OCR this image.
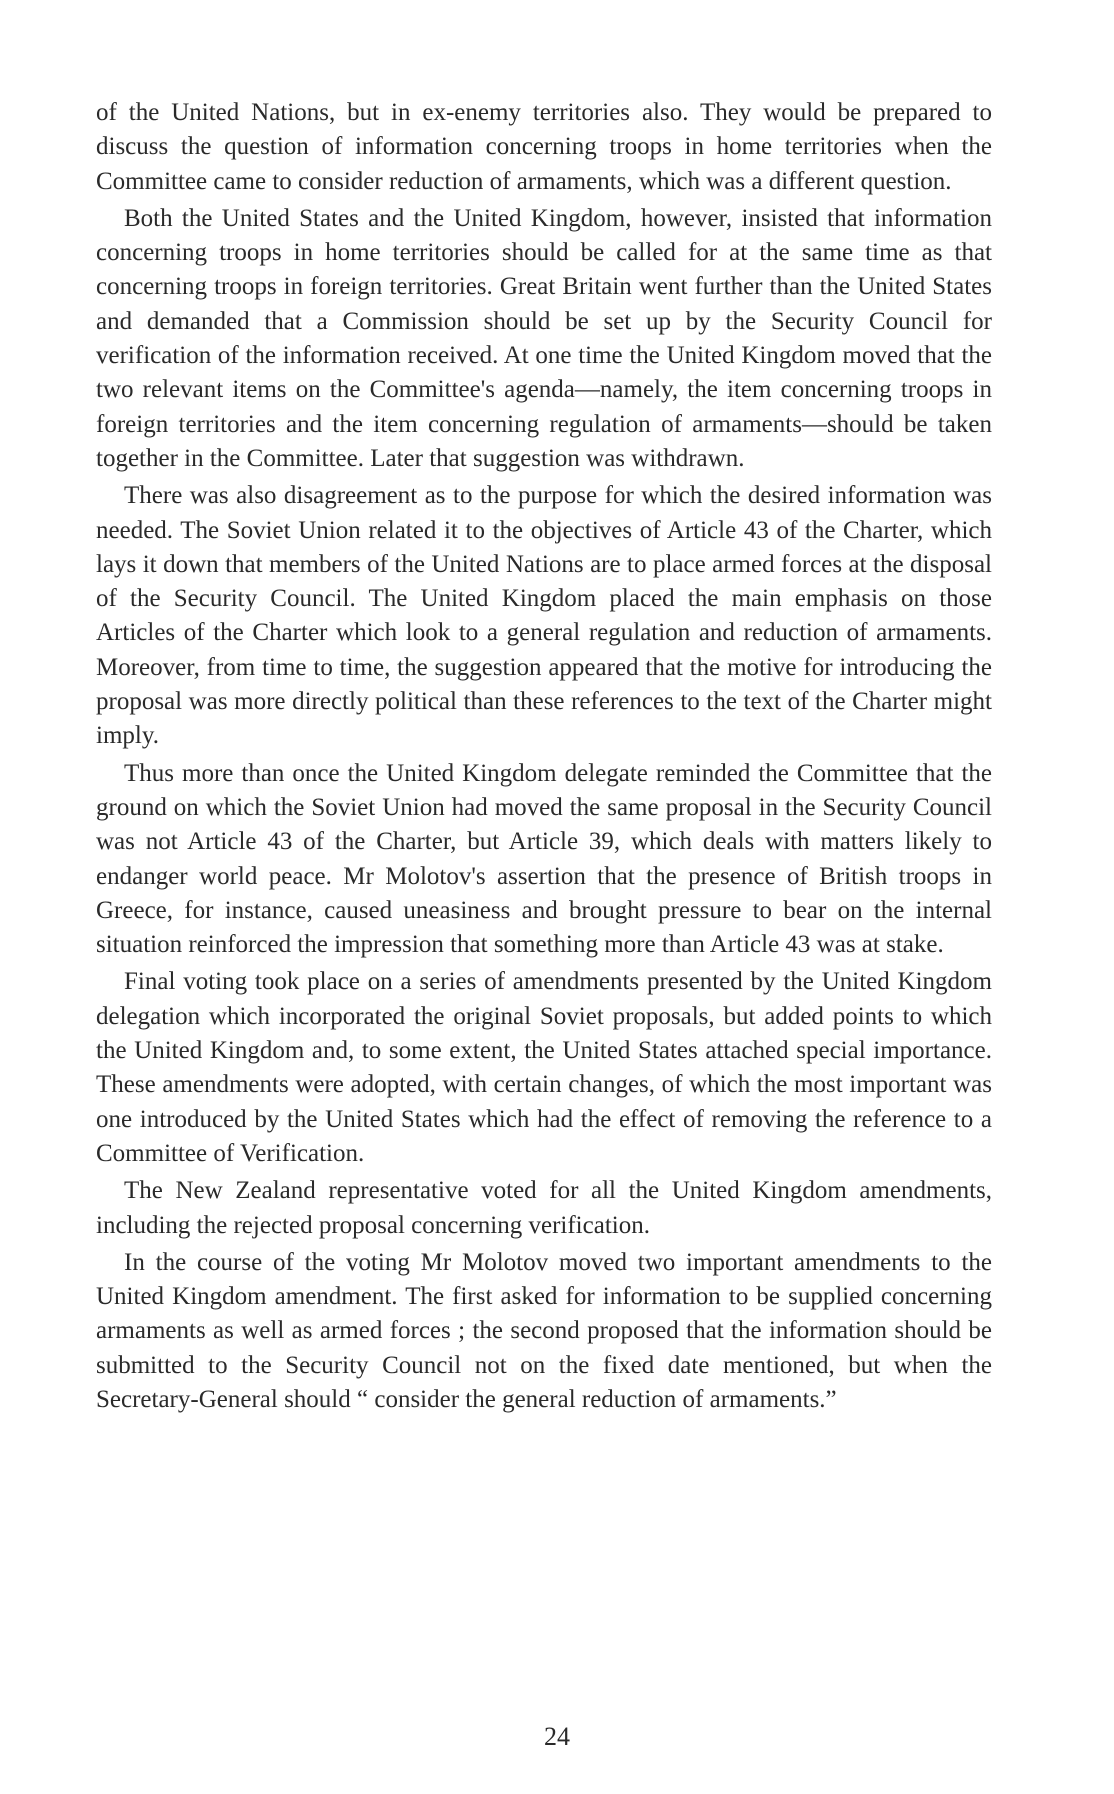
of the United Nations, but in ex-enemy territories also. They would be prepared to discuss the question of information concerning troops in home territories when the Committee came to consider reduction of armaments, which was a different question.

Both the United States and the United Kingdom, however, insisted that information concerning troops in home territories should be called for at the same time as that concerning troops in foreign territories. Great Britain went further than the United States and demanded that a Commission should be set up by the Security Council for verification of the information received. At one time the United Kingdom moved that the two relevant items on the Committee's agenda—namely, the item concerning troops in foreign territories and the item concerning regulation of armaments—should be taken together in the Committee. Later that suggestion was withdrawn.

There was also disagreement as to the purpose for which the desired information was needed. The Soviet Union related it to the objectives of Article 43 of the Charter, which lays it down that members of the United Nations are to place armed forces at the disposal of the Security Council. The United Kingdom placed the main emphasis on those Articles of the Charter which look to a general regulation and reduction of armaments. Moreover, from time to time, the suggestion appeared that the motive for introducing the proposal was more directly political than these references to the text of the Charter might imply.

Thus more than once the United Kingdom delegate reminded the Committee that the ground on which the Soviet Union had moved the same proposal in the Security Council was not Article 43 of the Charter, but Article 39, which deals with matters likely to endanger world peace. Mr Molotov's assertion that the presence of British troops in Greece, for instance, caused uneasiness and brought pressure to bear on the internal situation reinforced the impression that something more than Article 43 was at stake.

Final voting took place on a series of amendments presented by the United Kingdom delegation which incorporated the original Soviet proposals, but added points to which the United Kingdom and, to some extent, the United States attached special importance. These amendments were adopted, with certain changes, of which the most important was one introduced by the United States which had the effect of removing the reference to a Committee of Verification.

The New Zealand representative voted for all the United Kingdom amendments, including the rejected proposal concerning verification.

In the course of the voting Mr Molotov moved two important amendments to the United Kingdom amendment. The first asked for information to be supplied concerning armaments as well as armed forces ; the second proposed that the information should be submitted to the Security Council not on the fixed date mentioned, but when the Secretary-General should “ consider the general reduction of armaments.”

24
